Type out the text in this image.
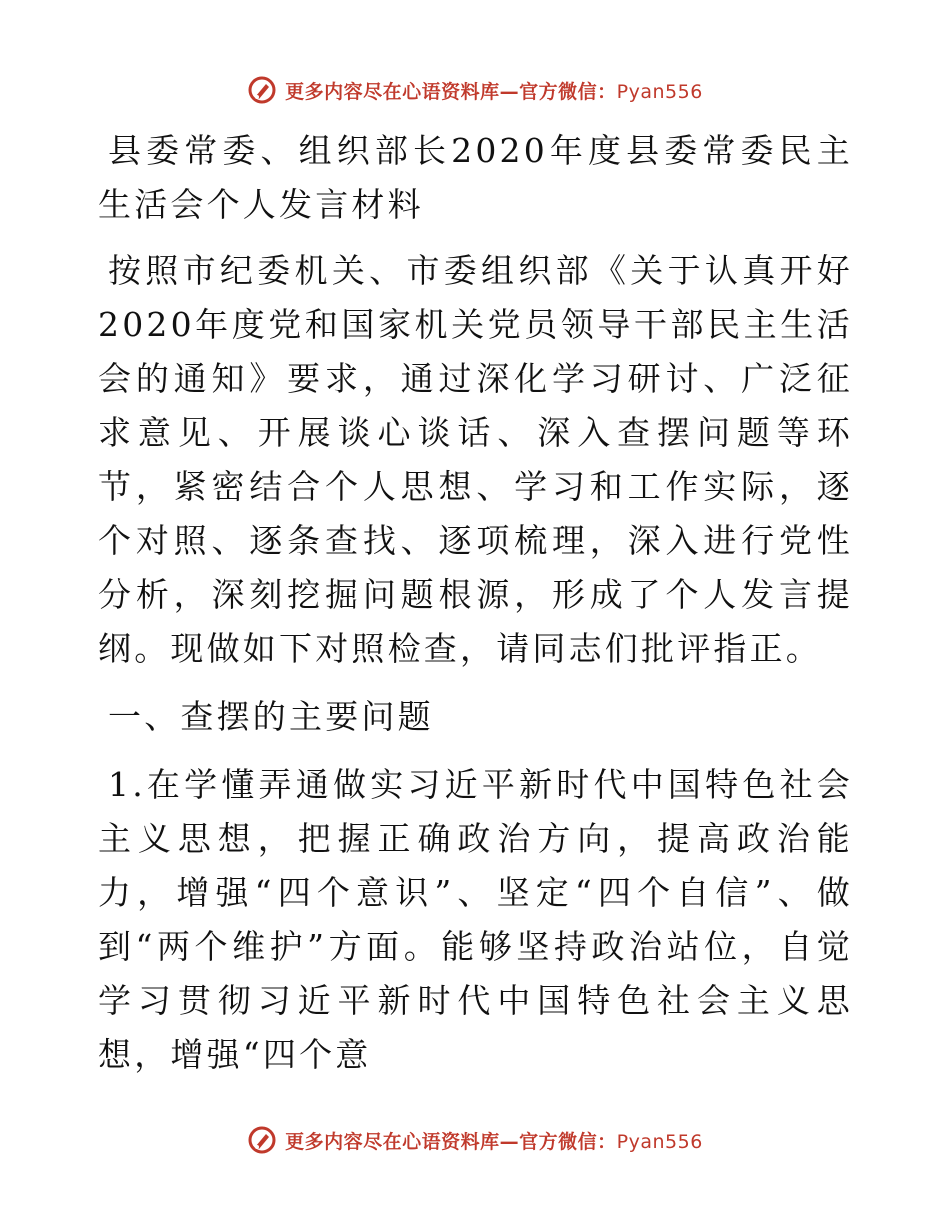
更多内容尽在心语资料库—官方微信：Pyan556

县委常委、组织部长2020年度县委常委民主生活会个人发言材料

按照市纪委机关、市委组织部《关于认真开好2020年度党和国家机关党员领导干部民主生活会的通知》要求，通过深化学习研讨、广泛征求意见、开展谈心谈话、深入查摆问题等环节，紧密结合个人思想、学习和工作实际，逐个对照、逐条查找、逐项梳理，深入进行党性分析，深刻挖掘问题根源，形成了个人发言提纲。现做如下对照检查，请同志们批评指正。

一、查摆的主要问题

1.在学懂弄通做实习近平新时代中国特色社会主义思想，把握正确政治方向，提高政治能力，增强“四个意识”、坚定“四个自信”、做到“两个维护”方面。能够坚持政治站位，自觉学习贯彻习近平新时代中国特色社会主义思想，增强“四个意

更多内容尽在心语资料库—官方微信：Pyan556
